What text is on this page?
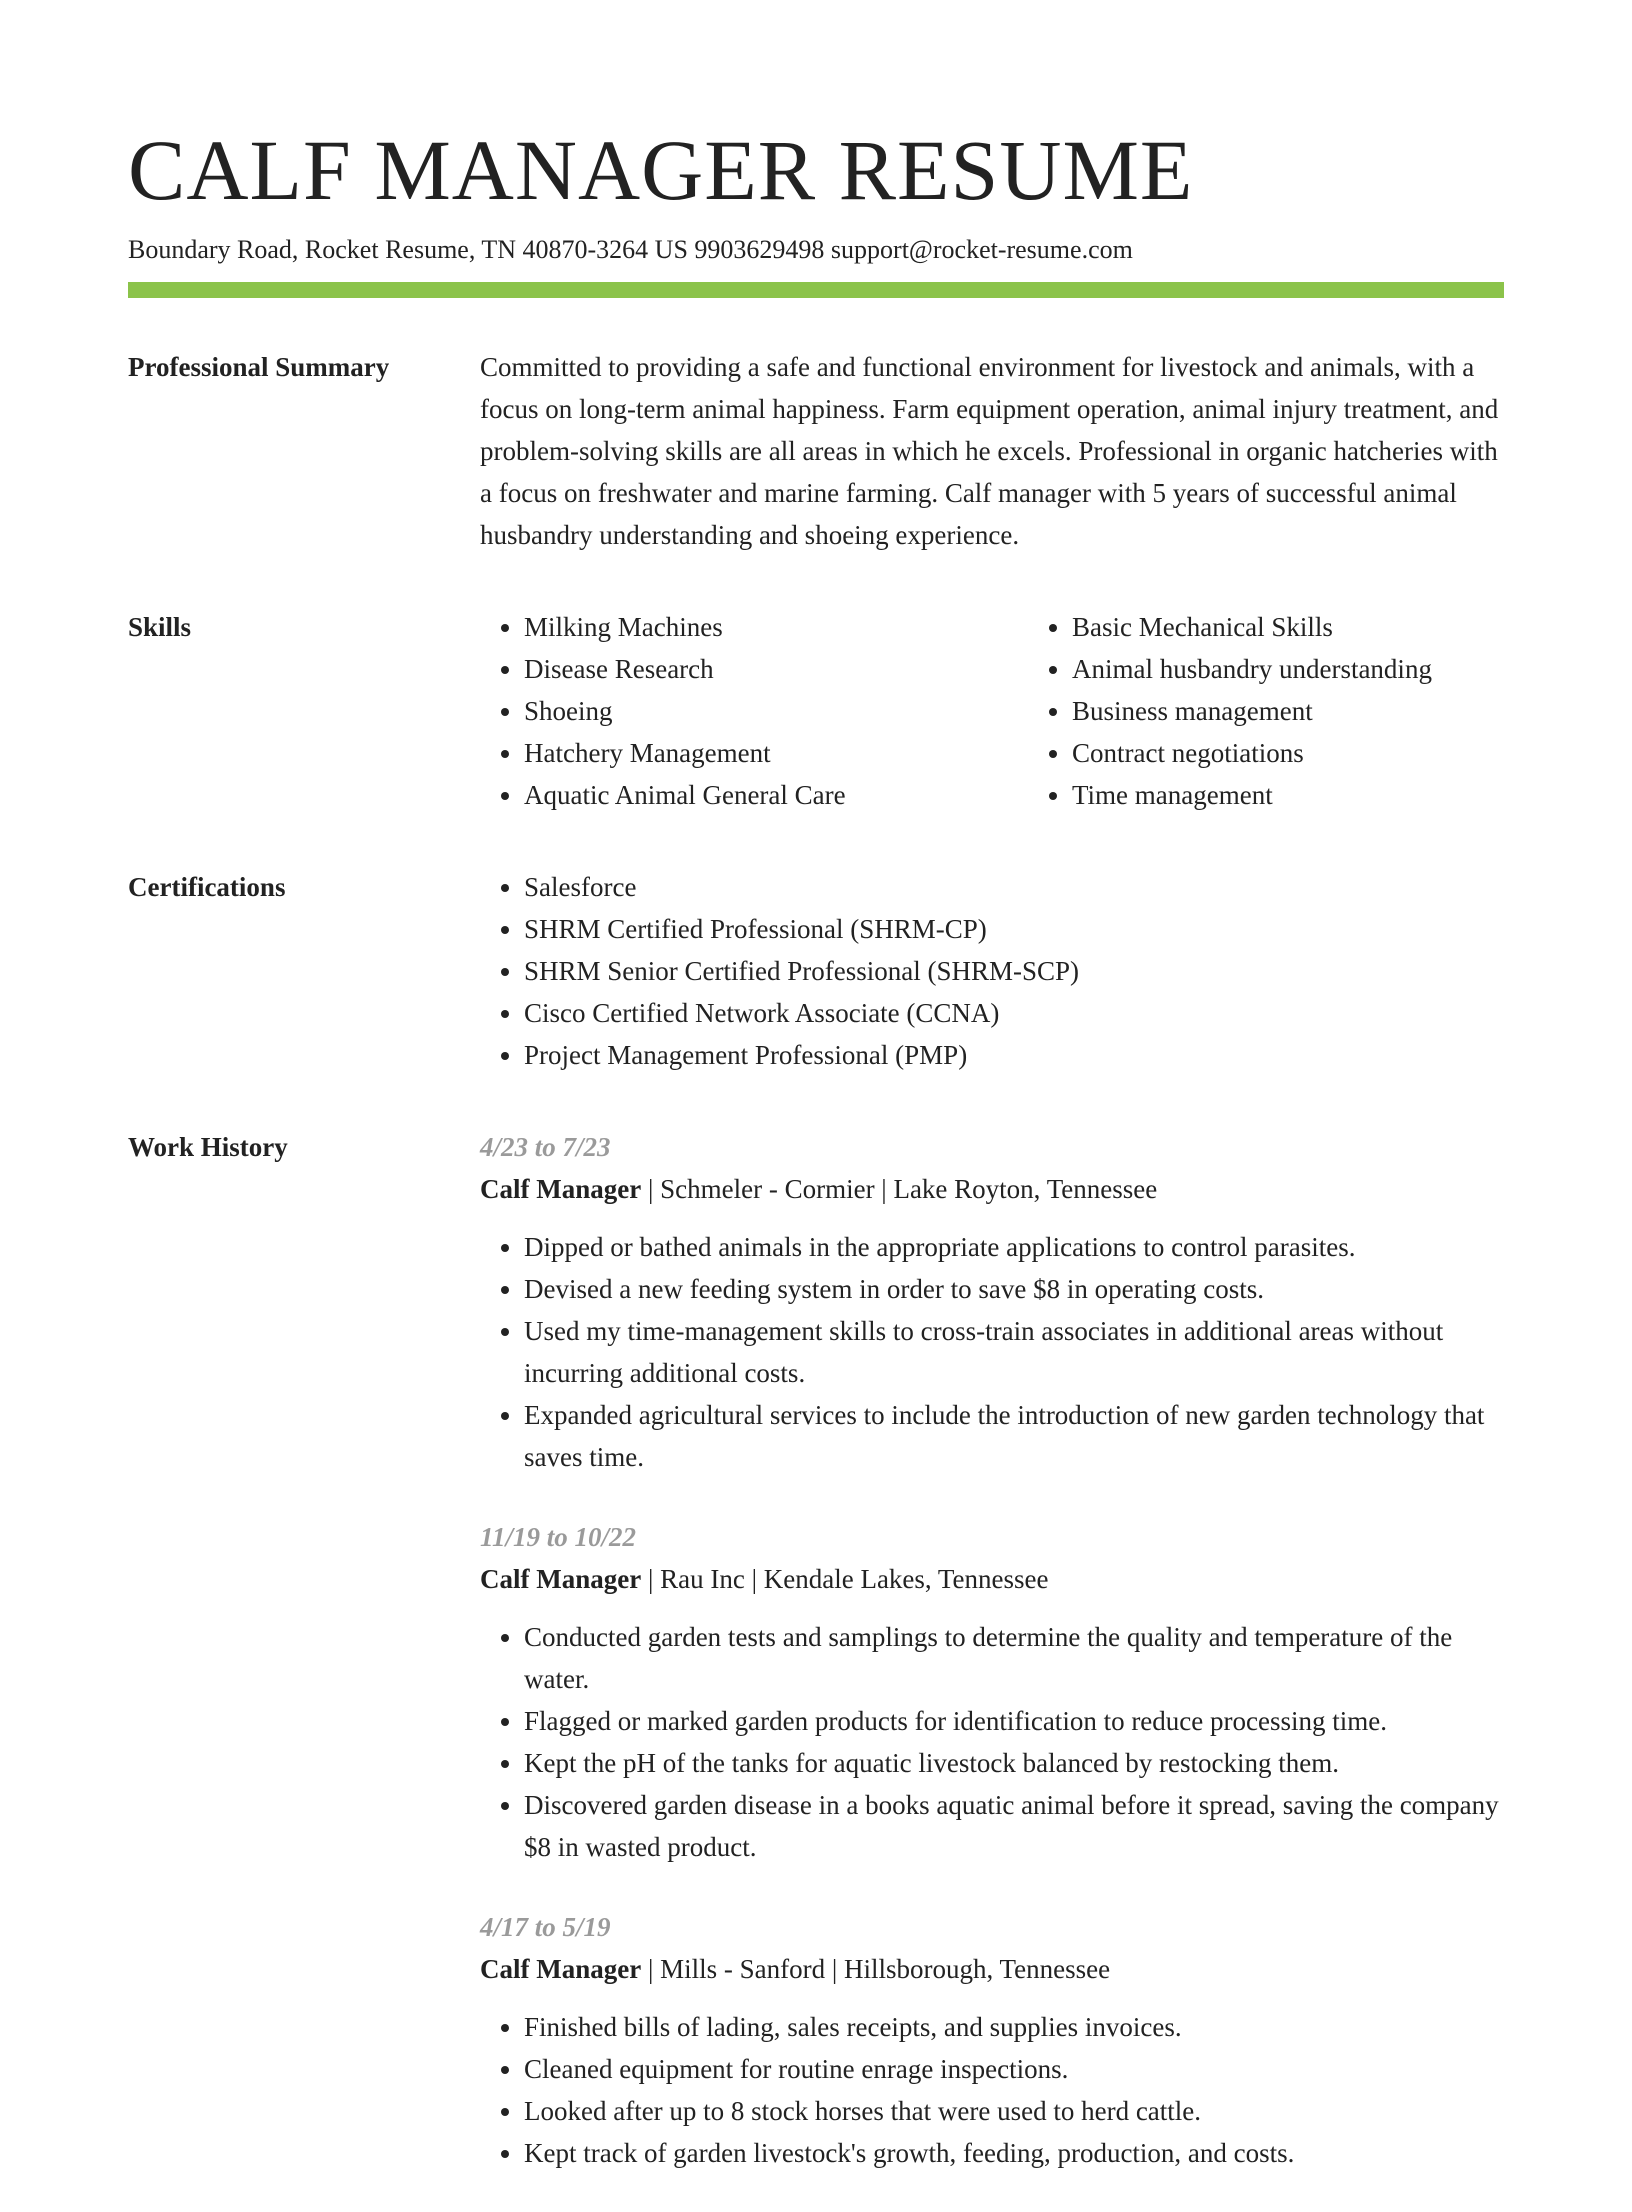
CALF MANAGER RESUME
Boundary Road, Rocket Resume, TN 40870-3264 US 9903629498 support@rocket-resume.com
Professional Summary	Committed to providing a safe and functional environment for livestock and animals, with a focus on long-term animal happiness. Farm equipment operation, animal injury treatment, and problem-solving skills are all areas in which he excels. Professional in organic hatcheries with a focus on freshwater and marine farming. Calf manager with 5 years of successful animal husbandry understanding and shoeing experience.

Skills	• Milking Machines
• Disease Research
• Shoeing
• Hatchery Management
• Aquatic Animal General Care
• Basic Mechanical Skills
• Animal husbandry understanding
• Business management
• Contract negotiations
• Time management
Certifications	• Salesforce
• SHRM Certified Professional (SHRM-CP)
• SHRM Senior Certified Professional (SHRM-SCP)
• Cisco Certified Network Associate (CCNA)
• Project Management Professional (PMP)
Work History	4/23 to 7/23
Calf Manager | Schmeler - Cormier | Lake Royton, Tennessee
• Dipped or bathed animals in the appropriate applications to control parasites.
• Devised a new feeding system in order to save $8 in operating costs.
• Used my time-management skills to cross-train associates in additional areas without incurring additional costs.
• Expanded agricultural services to include the introduction of new garden technology that saves time.
11/19 to 10/22
Calf Manager | Rau Inc | Kendale Lakes, Tennessee
• Conducted garden tests and samplings to determine the quality and temperature of the water.
• Flagged or marked garden products for identification to reduce processing time.
• Kept the pH of the tanks for aquatic livestock balanced by restocking them.
• Discovered garden disease in a books aquatic animal before it spread, saving the company $8 in wasted product.
4/17 to 5/19
Calf Manager | Mills - Sanford | Hillsborough, Tennessee
• Finished bills of lading, sales receipts, and supplies invoices.
• Cleaned equipment for routine enrage inspections.
• Looked after up to 8 stock horses that were used to herd cattle.
• Kept track of garden livestock's growth, feeding, production, and costs.
